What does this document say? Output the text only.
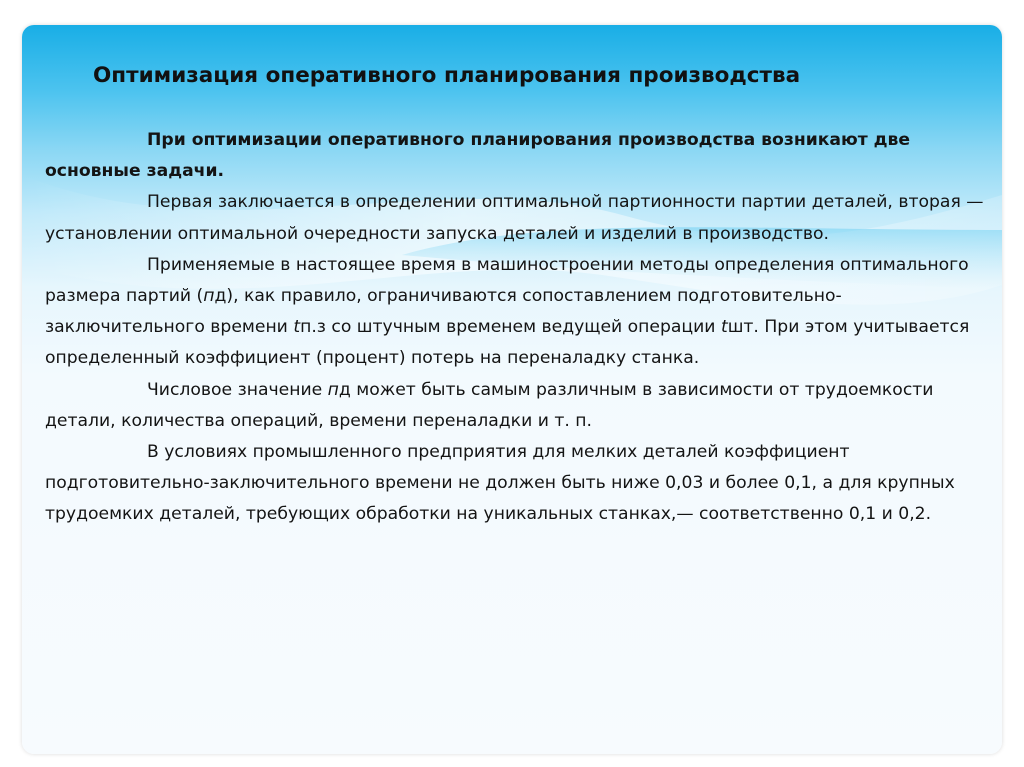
Оптимизация оперативного планирования производства

При оптимизации оперативного планирования производства возникают две основные задачи.

Первая заключается в определении оптимальной партионности партии деталей, вторая — установлении оптимальной очередности запуска деталей и изделий в производство.

Применяемые в настоящее время в машиностроении методы определения оптимального размера партий (пд), как правило, ограничиваются сопоставлением подготовительно-заключительного времени tп.з со штучным временем ведущей операции tшт. При этом учитывается определенный коэффициент (процент) потерь на переналадку станка.

Числовое значение пд может быть самым различным в зависимости от трудоемкости детали, количества операций, времени переналадки и т. п.

В условиях промышленного предприятия для мелких деталей коэффициент подготовительно-заключительного времени не должен быть ниже 0,03 и более 0,1, а для крупных трудоемких деталей, требующих обработки на уникальных станках,— соответственно 0,1 и 0,2.
